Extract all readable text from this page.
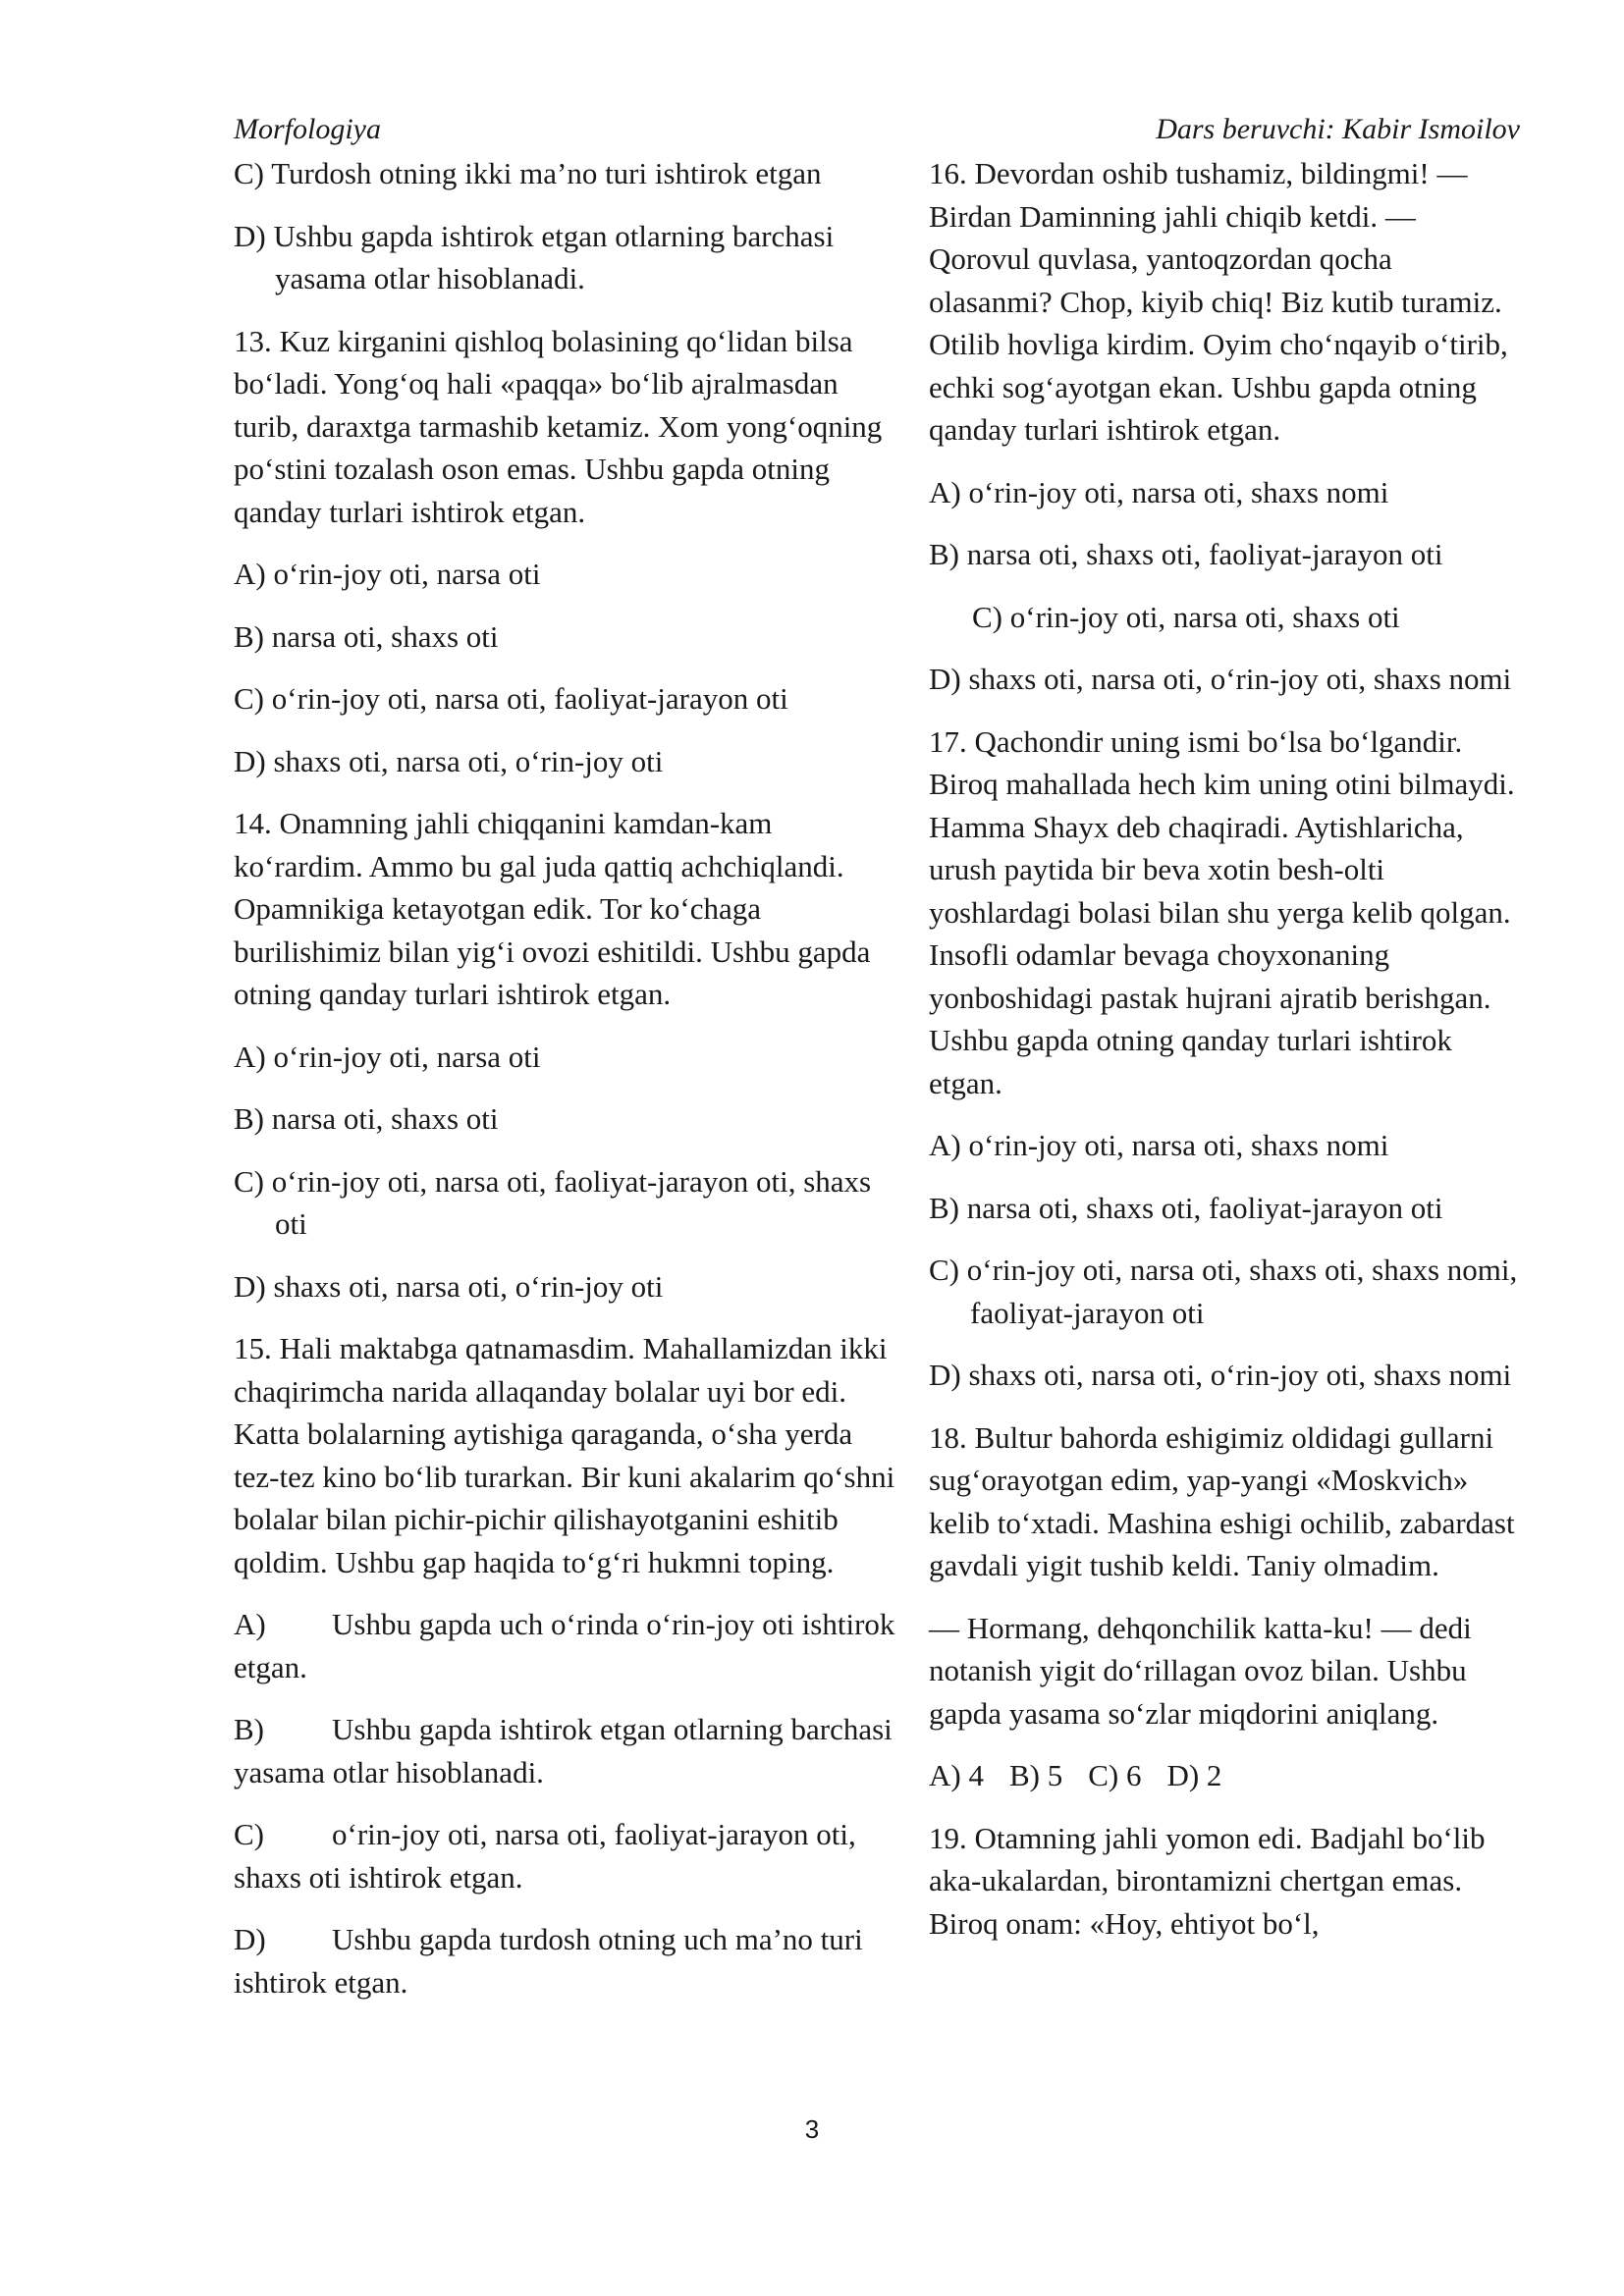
Morfologiya	Dars beruvchi: Kabir Ismoilov
C) Turdosh otning ikki ma’no turi ishtirok etgan
D) Ushbu gapda ishtirok etgan otlarning barchasi yasama otlar hisoblanadi.

13. Kuz kirganini qishloq bolasining qo‘lidan bilsa bo‘ladi. Yong‘oq hali «paqqa» bo‘lib ajralmasdan turib, daraxtga tarmashib ketamiz. Xom yong‘oqning po‘stini tozalash oson emas. Ushbu gapda otning qanday turlari ishtirok etgan.

A) o‘rin-joy oti, narsa oti
B) narsa oti, shaxs oti
C) o‘rin-joy oti, narsa oti, faoliyat-jarayon oti
D) shaxs oti, narsa oti, o‘rin-joy oti

14. Onamning jahli chiqqanini kamdan-kam ko‘rardim. Ammo bu gal juda qattiq achchiqlandi. Opamnikiga ketayotgan edik. Tor ko‘chaga burilishimiz bilan yig‘i ovozi eshitildi. Ushbu gapda otning qanday turlari ishtirok etgan.

A) o‘rin-joy oti, narsa oti
B) narsa oti, shaxs oti
C) o‘rin-joy oti, narsa oti, faoliyat-jarayon oti, shaxs oti
D) shaxs oti, narsa oti, o‘rin-joy oti

15. Hali maktabga qatnamasdim. Mahallamizdan ikki chaqirimcha narida allaqanday bolalar uyi bor edi. Katta bolalarning aytishiga qaraganda, o‘sha yerda tez-tez kino bo‘lib turarkan. Bir kuni akalarim qo‘shni bolalar bilan pichir-pichir qilishayotganini eshitib qoldim. Ushbu gap haqida to‘g‘ri hukmni toping.

A) Ushbu gapda uch o‘rinda o‘rin-joy oti ishtirok etgan.
B) Ushbu gapda ishtirok etgan otlarning barchasi yasama otlar hisoblanadi.
C) o‘rin-joy oti, narsa oti, faoliyat-jarayon oti, shaxs oti ishtirok etgan.
D) Ushbu gapda turdosh otning uch ma’no turi ishtirok etgan.

16. Devordan oshib tushamiz, bildingmi! — Birdan Daminning jahli chiqib ketdi. — Qorovul quvlasa, yantoqzordan qocha olasanmi? Chop, kiyib chiq! Biz kutib turamiz. Otilib hovliga kirdim. Oyim cho‘nqayib o‘tirib, echki sog‘ayotgan ekan. Ushbu gapda otning qanday turlari ishtirok etgan.

A) o‘rin-joy oti, narsa oti, shaxs nomi
B) narsa oti, shaxs oti, faoliyat-jarayon oti
C) o‘rin-joy oti, narsa oti, shaxs oti
D) shaxs oti, narsa oti, o‘rin-joy oti, shaxs nomi

17. Qachondir uning ismi bo‘lsa bo‘lgandir. Biroq mahallada hech kim uning otini bilmaydi. Hamma Shayx deb chaqiradi. Aytishlaricha, urush paytida bir beva xotin besh-olti yoshlardagi bolasi bilan shu yerga kelib qolgan. Insofli odamlar bevaga choyxonaning yonboshidagi pastak hujrani ajratib berishgan. Ushbu gapda otning qanday turlari ishtirok etgan.

A) o‘rin-joy oti, narsa oti, shaxs nomi
B) narsa oti, shaxs oti, faoliyat-jarayon oti
C) o‘rin-joy oti, narsa oti, shaxs oti, shaxs nomi, faoliyat-jarayon oti
D) shaxs oti, narsa oti, o‘rin-joy oti, shaxs nomi

18. Bultur bahorda eshigimiz oldidagi gullarni sug‘orayotgan edim, yap-yangi «Moskvich» kelib to‘xtadi. Mashina eshigi ochilib, zabardast gavdali yigit tushib keldi. Taniy olmadim.

— Hormang, dehqonchilik katta-ku! — dedi notanish yigit do‘rillagan ovoz bilan. Ushbu gapda yasama so‘zlar miqdorini aniqlang.

A) 4 B) 5 C) 6 D) 2

19. Otamning jahli yomon edi. Badjahl bo‘lib aka-ukalardan, birontamizni chertgan emas. Biroq onam: «Hoy, ehtiyot bo‘l,

3
